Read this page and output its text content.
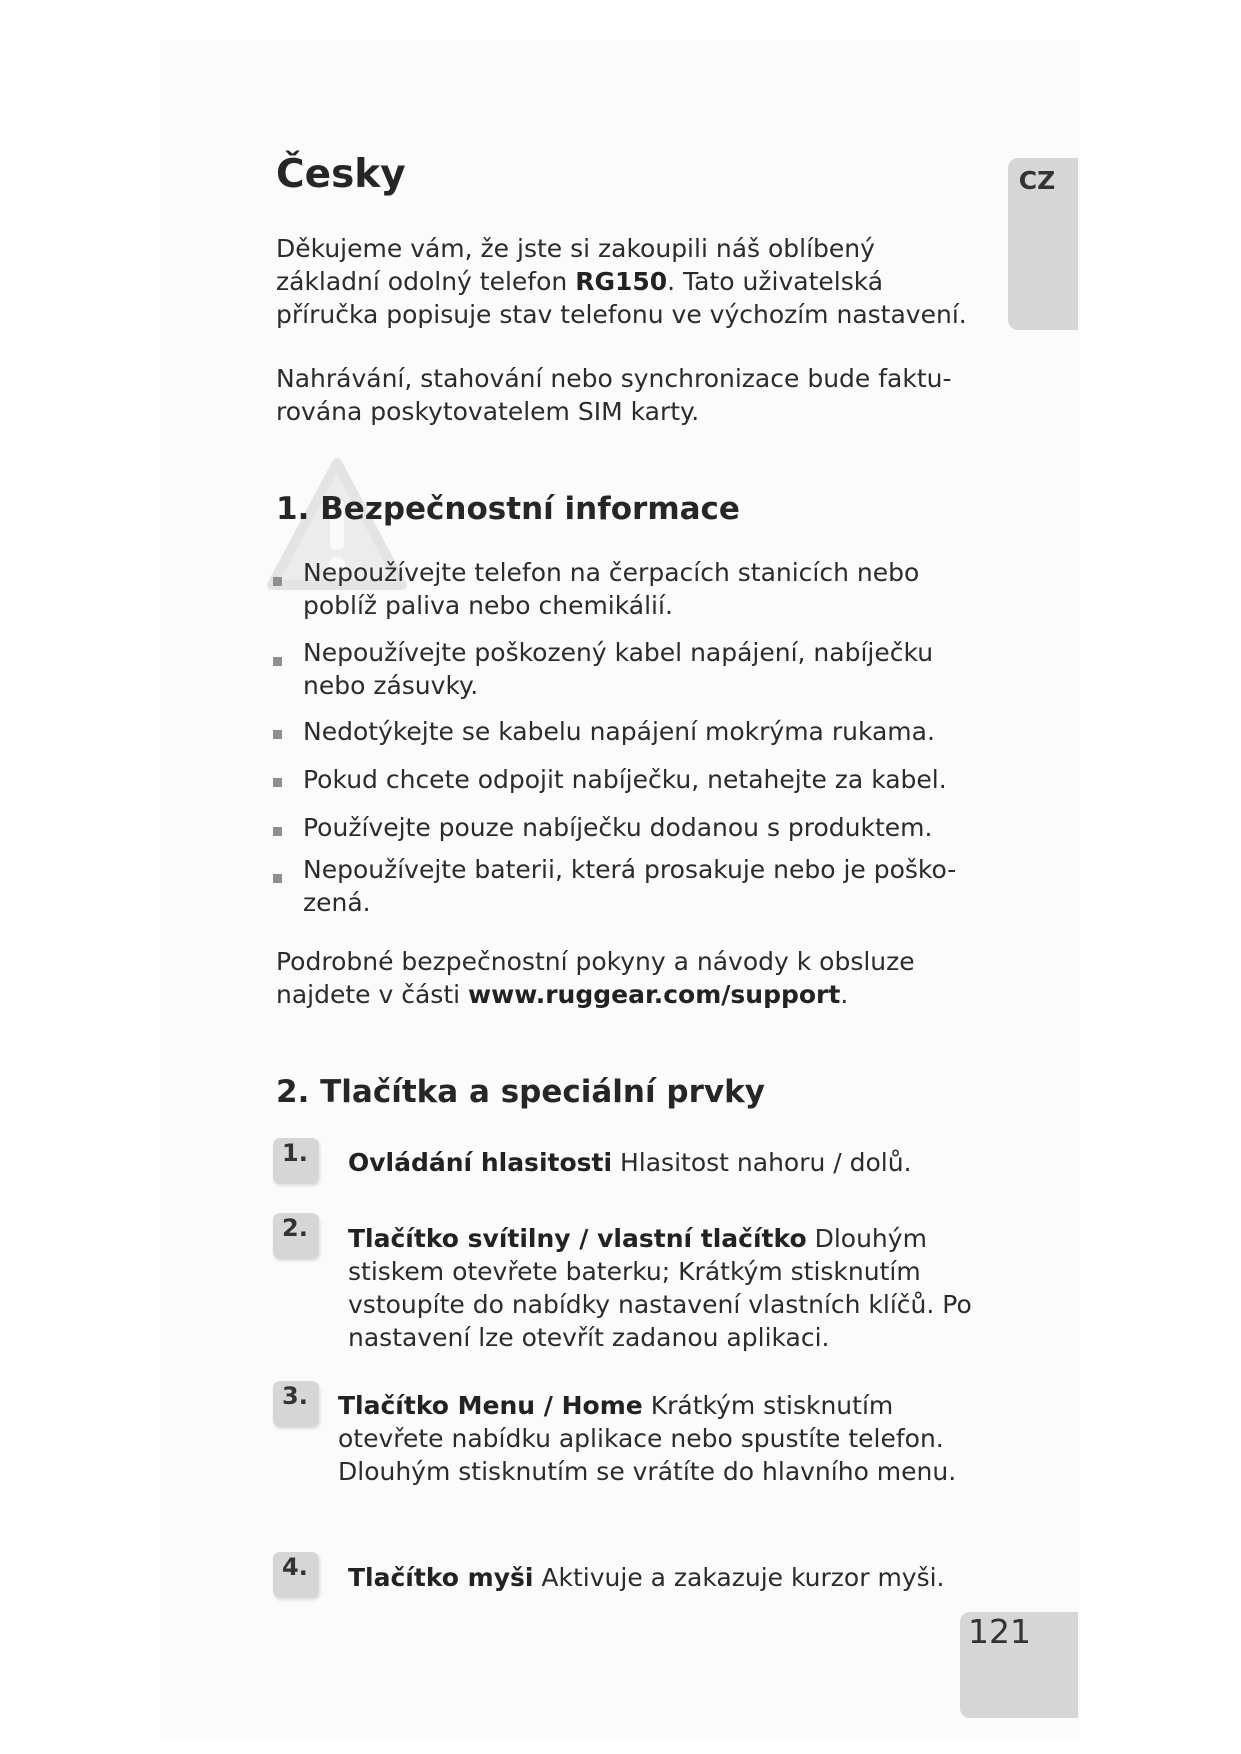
CZ
Česky

Děkujeme vám, že jste si zakoupili náš oblíbený základní odolný telefon RG150. Tato uživatelská příručka popisuje stav telefonu ve výchozím nastavení.

Nahrávání, stahování nebo synchronizace bude faktu-rována poskytovatelem SIM karty.

1. Bezpečnostní informace

Nepoužívejte telefon na čerpacích stanicích nebo poblíž paliva nebo chemikálií.

Nepoužívejte poškozený kabel napájení, nabíječku nebo zásuvky.

Nedotýkejte se kabelu napájení mokrýma rukama.

Pokud chcete odpojit nabíječku, netahejte za kabel.

Používejte pouze nabíječku dodanou s produktem.

Nepoužívejte baterii, která prosakuje nebo je poško-zená.

Podrobné bezpečnostní pokyny a návody k obsluze najdete v části www.ruggear.com/support.

2. Tlačítka a speciální prvky
1. Ovládání hlasitosti Hlasitost nahoru / dolů.

2. Tlačítko svítilny / vlastní tlačítko Dlouhým stiskem otevřete baterku; Krátkým stisknutím vstoupíte do nabídky nastavení vlastních klíčů. Po nastavení lze otevřít zadanou aplikaci.

3. Tlačítko Menu / Home Krátkým stisknutím otevřete nabídku aplikace nebo spustíte telefon. Dlouhým stisknutím se vrátíte do hlavního menu.

4. Tlačítko myši Aktivuje a zakazuje kurzor myši.

121
